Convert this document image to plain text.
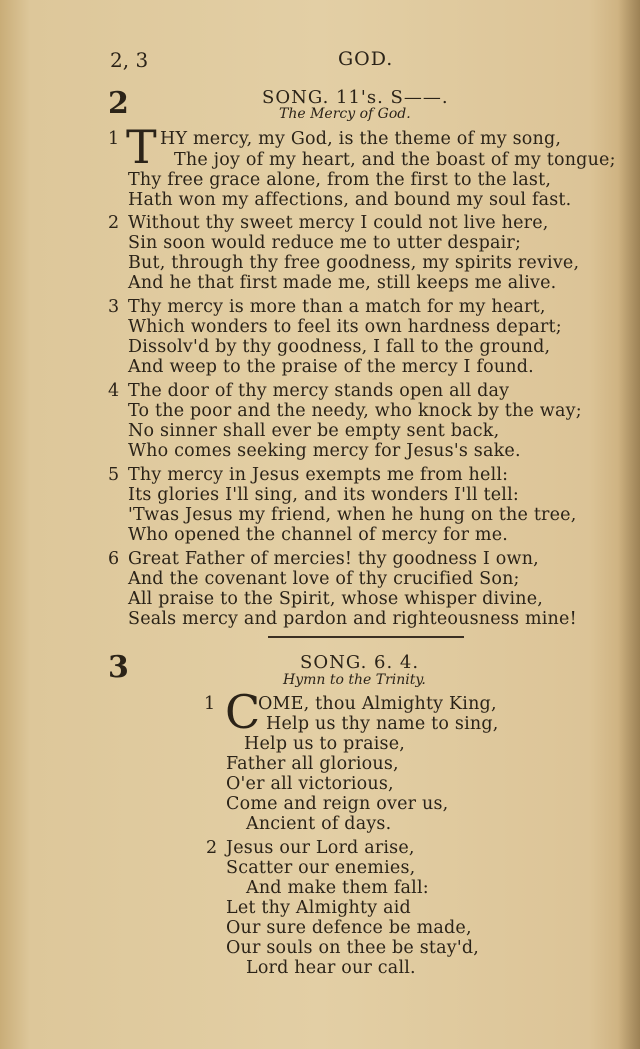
2, 3	GOD.
2	SONG. 11's. S——.
The Mercy of God.
1 T HY mercy, my God, is the theme of my song,
The joy of my heart, and the boast of my tongue;
Thy free grace alone, from the first to the last,
Hath won my affections, and bound my soul fast.
2 Without thy sweet mercy I could not live here,
Sin soon would reduce me to utter despair;
But, through thy free goodness, my spirits revive,
And he that first made me, still keeps me alive.
3 Thy mercy is more than a match for my heart,
Which wonders to feel its own hardness depart;
Dissolv'd by thy goodness, I fall to the ground,
And weep to the praise of the mercy I found.
4 The door of thy mercy stands open all day
To the poor and the needy, who knock by the way;
No sinner shall ever be empty sent back,
Who comes seeking mercy for Jesus's sake.
5 Thy mercy in Jesus exempts me from hell:
Its glories I'll sing, and its wonders I'll tell:
'Twas Jesus my friend, when he hung on the tree,
Who opened the channel of mercy for me.
6 Great Father of mercies! thy goodness I own,
And the covenant love of thy crucified Son;
All praise to the Spirit, whose whisper divine,
Seals mercy and pardon and righteousness mine!
3	SONG. 6. 4.
Hymn to the Trinity.
1 C
OME, thou Almighty King,
Help us thy name to sing,
Help us to praise,
Father all glorious,
O'er all victorious,
Come and reign over us,
Ancient of days.
2 Jesus our Lord arise,
Scatter our enemies,
And make them fall:
Let thy Almighty aid
Our sure defence be made,
Our souls on thee be stay'd,
Lord hear our call.
